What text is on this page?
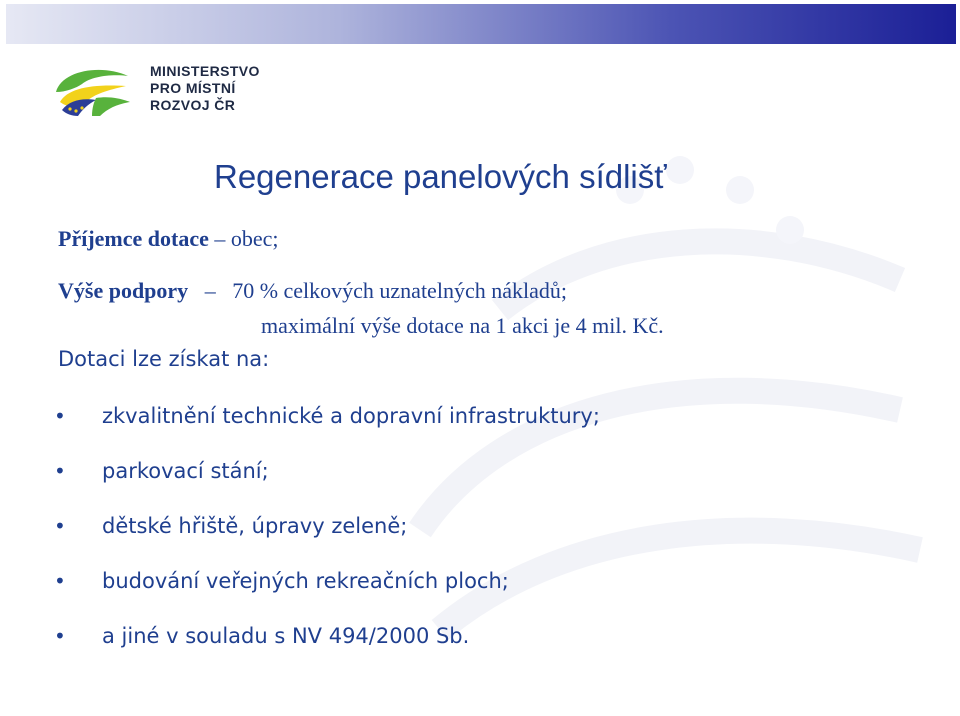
MINISTERSTVO
PRO MÍSTNÍ
ROZVOJ ČR
Regenerace panelových sídlišť
Příjemce dotace – obec;
Výše podpory   –   70 % celkových uznatelných nákladů;
maximální výše dotace na 1 akci je 4 mil. Kč.
Dotaci lze získat na:
• zkvalitnění technické a dopravní infrastruktury;
• parkovací stání;
• dětské hřiště, úpravy zeleně;
• budování veřejných rekreačních ploch;
• a jiné v souladu s NV 494/2000 Sb.
